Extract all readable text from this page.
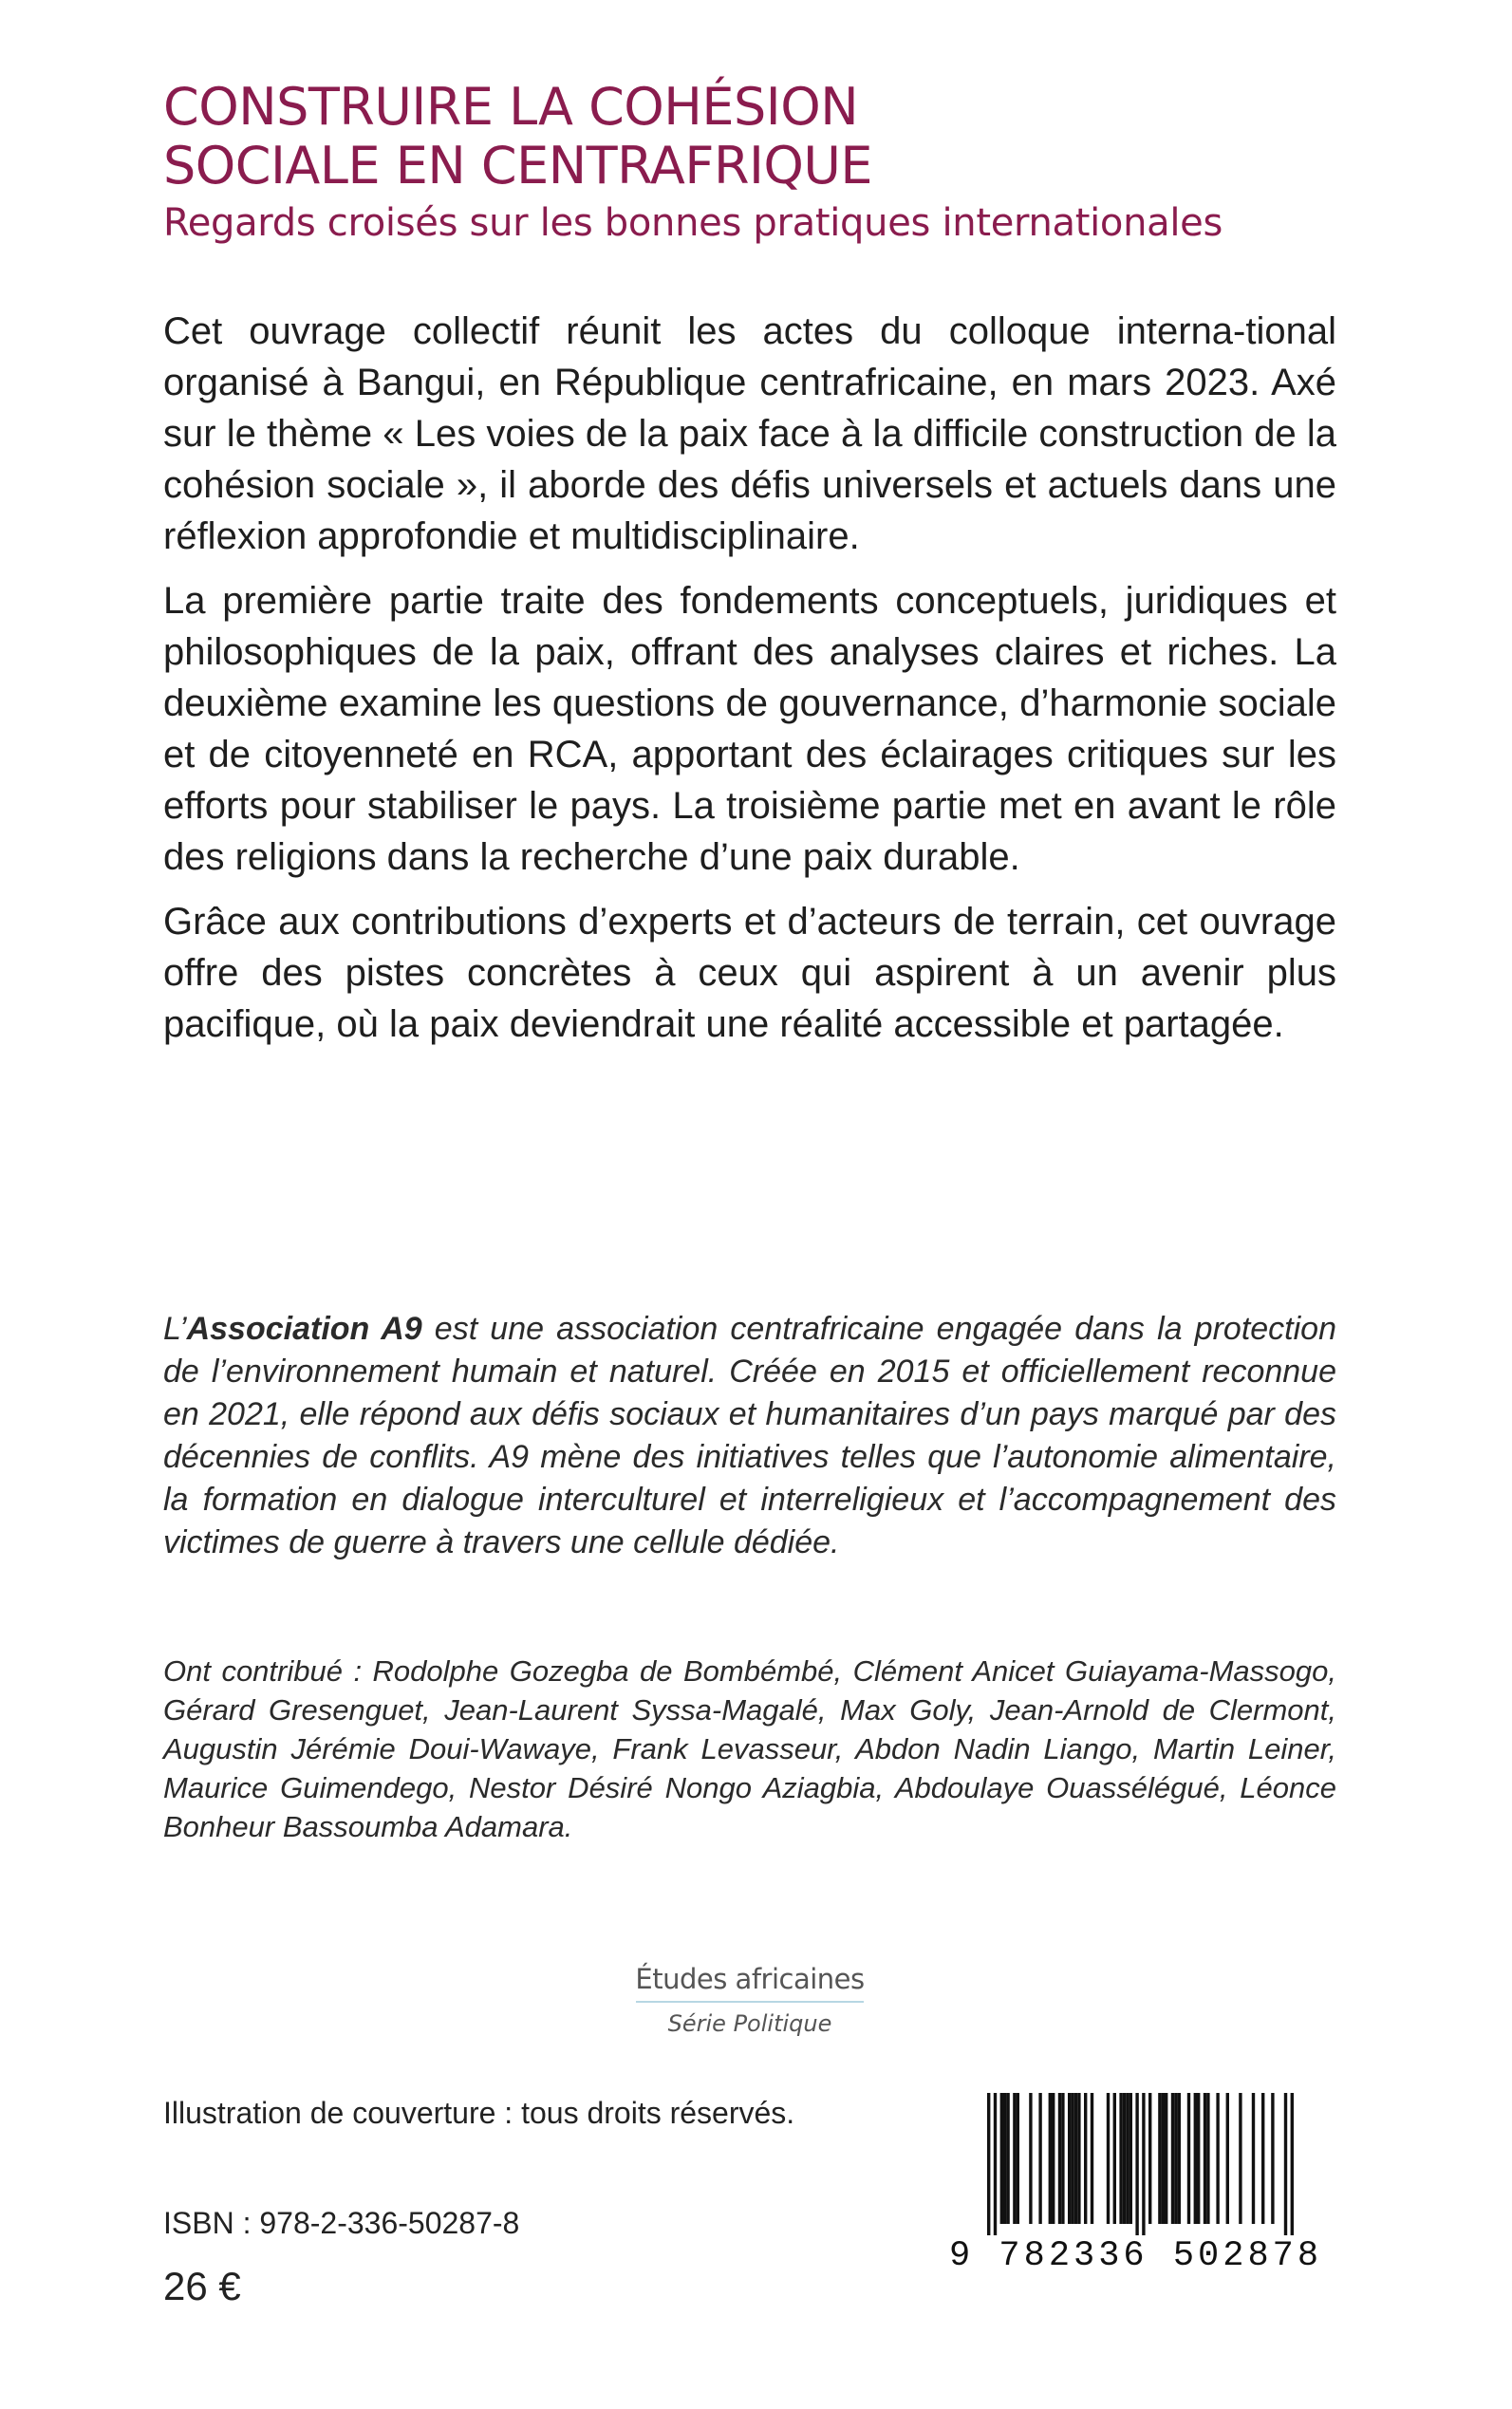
CONSTRUIRE LA COHÉSION
SOCIALE EN CENTRAFRIQUE

Regards croisés sur les bonnes pratiques internationales

Cet ouvrage collectif réunit les actes du colloque interna-tional organisé à Bangui, en République centrafricaine, en mars 2023. Axé sur le thème « Les voies de la paix face à la difficile construction de la cohésion sociale », il aborde des défis universels et actuels dans une réflexion approfondie et multidisciplinaire.

La première partie traite des fondements conceptuels, juridiques et philosophiques de la paix, offrant des analyses claires et riches. La deuxième examine les questions de gouvernance, d’harmonie sociale et de citoyenneté en RCA, apportant des éclairages critiques sur les efforts pour stabiliser le pays. La troisième partie met en avant le rôle des religions dans la recherche d’une paix durable.

Grâce aux contributions d’experts et d’acteurs de terrain, cet ouvrage offre des pistes concrètes à ceux qui aspirent à un avenir plus pacifique, où la paix deviendrait une réalité accessible et partagée.

L’Association A9 est une association centrafricaine engagée dans la protection de l’environnement humain et naturel. Créée en 2015 et officiellement reconnue en 2021, elle répond aux défis sociaux et humanitaires d’un pays marqué par des décennies de conflits. A9 mène des initiatives telles que l’autonomie alimentaire, la formation en dialogue interculturel et interreligieux et l’accompagnement des victimes de guerre à travers une cellule dédiée.

Ont contribué : Rodolphe Gozegba de Bombémbé, Clément Anicet Guiayama-Massogo, Gérard Gresenguet, Jean-Laurent Syssa-Magalé, Max Goly, Jean-Arnold de Clermont, Augustin Jérémie Doui-Wawaye, Frank Levasseur, Abdon Nadin Liango, Martin Leiner, Maurice Guimendego, Nestor Désiré Nongo Aziagbia, Abdoulaye Ouassélégué, Léonce Bonheur Bassoumba Adamara.

Études africaines
Série Politique
Illustration de couverture : tous droits réservés.
ISBN : 978-2-336-50287-8
26 €
9 782336 502878
